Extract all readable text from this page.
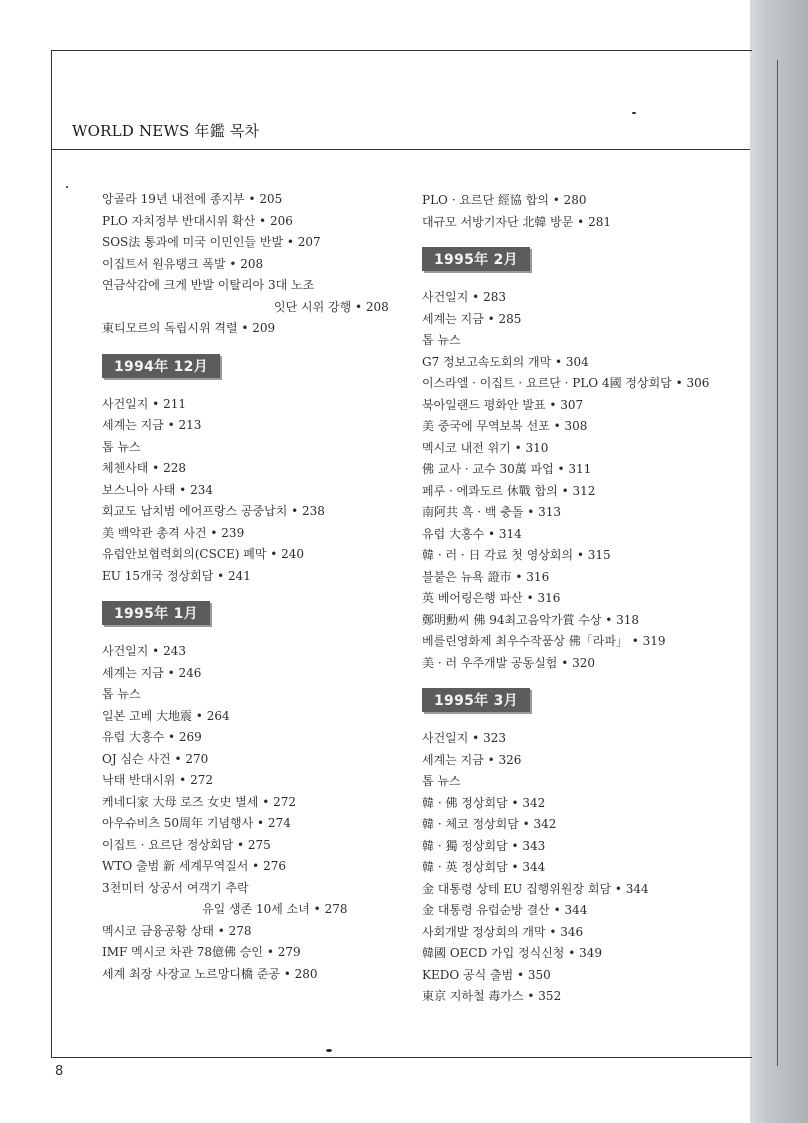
WORLD NEWS 年鑑 목차
앙골라 19년 내전에 종지부 • 205
PLO 자치정부 반대시위 확산 • 206
SOS法 통과에 미국 이민인들 반발 • 207
이집트서 원유탱크 폭발 • 208
연금삭감에 크게 반발 이탈리아 3대 노조
잇단 시위 강행 • 208
東티모르의 독립시위 격렬 • 209
1994年 12月
사건일지 • 211
세계는 지금 • 213
톱 뉴스
체첸사태 • 228
보스니아 사태 • 234
회교도 납치범 에어프랑스 공중납치 • 238
美 백악관 총격 사건 • 239
유럽안보협력회의(CSCE) 폐막 • 240
EU 15개국 정상회담 • 241
1995年 1月
사건일지 • 243
세계는 지금 • 246
톱 뉴스
일본 고베 大地震 • 264
유럽 大홍수 • 269
OJ 심슨 사건 • 270
낙태 반대시위 • 272
케네디家 大母 로즈 女史 별세 • 272
아우슈비츠 50周年 기념행사 • 274
이집트 · 요르단 정상회담 • 275
WTO 출범 新 세계무역질서 • 276
3천미터 상공서 여객기 추락
유일 생존 10세 소녀 • 278
멕시코 금융공황 상태 • 278
IMF 멕시코 차관 78億佛 승인 • 279
세계 최장 사장교 노르망디橋 준공 • 280
PLO · 요르단 經協 합의 • 280
대규모 서방기자단 北韓 방문 • 281
1995年 2月
사건일지 • 283
세계는 지금 • 285
톱 뉴스
G7 정보고속도회의 개막 • 304
이스라엘 · 이집트 · 요르단 · PLO 4國 정상회담 • 306
북아일랜드 평화안 발표 • 307
美 중국에 무역보복 선포 • 308
멕시코 내전 위기 • 310
佛 교사 · 교수 30萬 파업 • 311
페루 · 에콰도르 休戰 합의 • 312
南阿共 흑 · 백 충돌 • 313
유럽 大홍수 • 314
韓 · 러 · 日 각료 첫 영상회의 • 315
불붙은 뉴욕 證市 • 316
英 베어링은행 파산 • 316
鄭明勳씨 佛 94최고음악가賞 수상 • 318
베를린영화제 최우수작품상 佛「라파」 • 319
美 · 러 우주개발 공동실험 • 320
1995年 3月
사건일지 • 323
세계는 지금 • 326
톱 뉴스
韓 · 佛 정상회담 • 342
韓 · 체코 정상회담 • 342
韓 · 獨 정상회담 • 343
韓 · 英 정상회담 • 344
金 대통령 상테 EU 집행위원장 회담 • 344
金 대통령 유럽순방 결산 • 344
사회개발 정상회의 개막 • 346
韓國 OECD 가입 정식신청 • 349
KEDO 공식 출범 • 350
東京 지하철 毒가스 • 352
8
